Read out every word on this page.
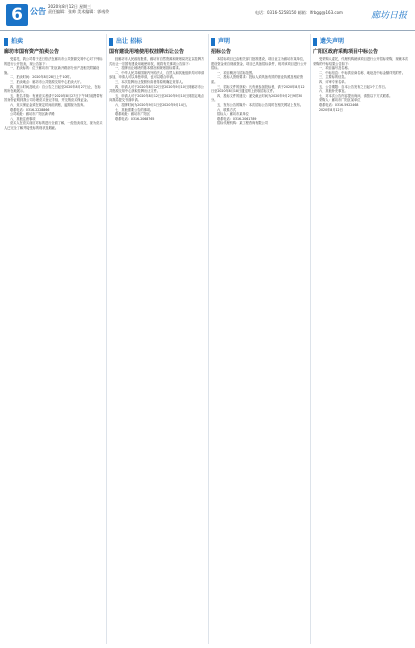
6 公告
2020年8月12日 星期三
责任编辑：张帅 美术编辑：郭彧伶	电话：0316-5258150 邮箱：lfrbgg@163.com	廊坊日报
拍卖
廊坊市国有资产拍卖公告

受委托，我公司将于近日依法在廊坊市公共资源交易中心对下列标的进行公开拍卖，现公告如下：

一、拍卖标的：位于廊坊市广阳区新开路部分房产及相关附属设施。

二、拍卖时间：2020年8月28日上午10时。

三、拍卖地点：廊坊市公共资源交易中心拍卖大厅。

四、展示时间及地点：自公告之日起至2020年8月27日止，在标的所在地展示。

五、报名手续：有意竞买者请于2020年8月27日下午5时前携带有效身份证明到我公司办理竞买登记手续，并交纳竞买保证金。

六、竞买保证金须在规定时间前到账，逾期视为放弃。

联系电话：0316-2228866

公司地址：廊坊市广阳区新华路

八、其他注意事项

竞买人在竞买前应对标的进行全面了解，一经拍卖成交，视为竞买人已完全了解并接受标的现状及瑕疵。

出让 招标
国有建设用地使用权挂牌出让公告

经廊坊市人民政府批准，廊坊市自然资源和规划局决定以挂牌方式出让一宗国有建设用地使用权，现将有关事项公告如下：

一、挂牌出让地块的基本情况和规划指标要求。

二、中华人民共和国境内外的法人、自然人和其他组织均可申请参加，申请人可以单独申请，也可以联合申请。

三、本次挂牌出让按照价高者得原则确定竞得人。

四、申请人可于2020年8月12日至2020年9月10日到廊坊市公共资源交易中心获取挂牌出让文件。

五、申请人可于2020年8月12日至2020年9月10日到指定地点向我局提交书面申请。

六、挂牌时间为2020年9月1日至2020年9月14日。

七、其他需要公告的事项。

联系地址：廊坊市广阳区

联系电话：0316-2068765

声明
招标公告

本招标项目已由相关部门批准建设，项目业主为廊坊市某单位，建设资金来自财政资金，项目已具备招标条件，现对该项目进行公开招标。

一、项目概况与招标范围。

二、投标人资格要求：投标人须具备有效的营业执照及相应资质。

三、招标文件的获取：凡有意参加投标者，请于2020年8月12日至2020年8月18日通过网上获取招标文件。

四、投标文件的递交：递交截止时间为2020年9月2日9时30分。

五、发布公告的媒介：本次招标公告同时在相关网站上发布。

六、联系方式

招标人：廊坊市某单位

联系电话：0316-2061789

招标代理机构：某工程咨询有限公司

遗失声明
广阳区政府采购项目中标公告

受采购人委托，代理机构就该项目进行公开招标采购，现就本次采购的中标结果公告如下：

一、项目编号及名称。

二、中标信息：中标供应商名称、地址及中标金额详见附件。

三、主要标的信息。

四、评审专家名单。

五、公告期限：自本公告发布之日起1个工作日。

六、其他补充事宜。

七、对本次公告内容提出询问，请按以下方式联系。

采购人：廊坊市广阳区某单位

联系电话：0316-5922468

2020年8月12日
